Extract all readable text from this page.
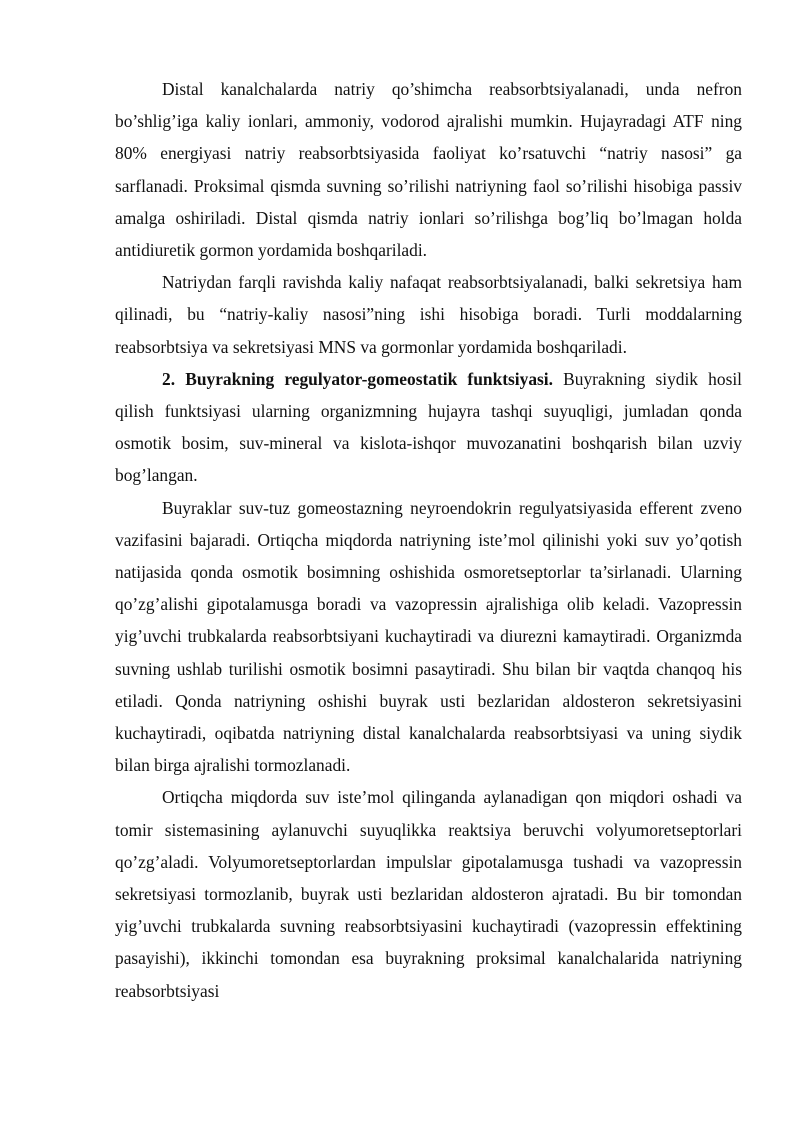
Distal kanalchalarda natriy qo’shimcha reabsorbtsiyalanadi, unda nefron bo’shlig’iga kaliy ionlari, ammoniy, vodorod ajralishi mumkin. Hujayradagi ATF ning 80% energiyasi natriy reabsorbtsiyasida faoliyat ko’rsatuvchi “natriy nasosi” ga sarflanadi. Proksimal qismda suvning so’rilishi natriyning faol so’rilishi hisobiga passiv amalga oshiriladi. Distal qismda natriy ionlari so’rilishga bog’liq bo’lmagan holda antidiuretik gormon yordamida boshqariladi.

Natriydan farqli ravishda kaliy nafaqat reabsorbtsiyalanadi, balki sekretsiya ham qilinadi, bu “natriy-kaliy nasosi”ning ishi hisobiga boradi. Turli moddalarning reabsorbtsiya va sekretsiyasi MNS va gormonlar yordamida boshqariladi.

2. Buyrakning regulyator-gomeostatik funktsiyasi. Buyrakning siydik hosil qilish funktsiyasi ularning organizmning hujayra tashqi suyuqligi, jumladan qonda osmotik bosim, suv-mineral va kislota-ishqor muvozanatini boshqarish bilan uzviy bog’langan.

Buyraklar suv-tuz gomeostazning neyroendokrin regulyatsiyasida efferent zveno vazifasini bajaradi. Ortiqcha miqdorda natriyning iste’mol qilinishi yoki suv yo’qotish natijasida qonda osmotik bosimning oshishida osmoretseptorlar ta’sirlanadi. Ularning qo’zg’alishi gipotalamusga boradi va vazopressin ajralishiga olib keladi. Vazopressin yig’uvchi trubkalarda reabsorbtsiyani kuchaytiradi va diurezni kamaytiradi. Organizmda suvning ushlab turilishi osmotik bosimni pasaytiradi. Shu bilan bir vaqtda chanqoq his etiladi. Qonda natriyning oshishi buyrak usti bezlaridan aldosteron sekretsiyasini kuchaytiradi, oqibatda natriyning distal kanalchalarda reabsorbtsiyasi va uning siydik bilan birga ajralishi tormozlanadi.

Ortiqcha miqdorda suv iste’mol qilinganda aylanadigan qon miqdori oshadi va tomir sistemasining aylanuvchi suyuqlikka reaktsiya beruvchi volyumoretseptorlari qo’zg’aladi. Volyumoretseptorlardan impulslar gipotalamusga tushadi va vazopressin sekretsiyasi tormozlanib, buyrak usti bezlaridan aldosteron ajratadi. Bu bir tomondan yig’uvchi trubkalarda suvning reabsorbtsiyasini kuchaytiradi (vazopressin effektining pasayishi), ikkinchi tomondan esa buyrakning proksimal kanalchalarida natriyning reabsorbtsiyasi
